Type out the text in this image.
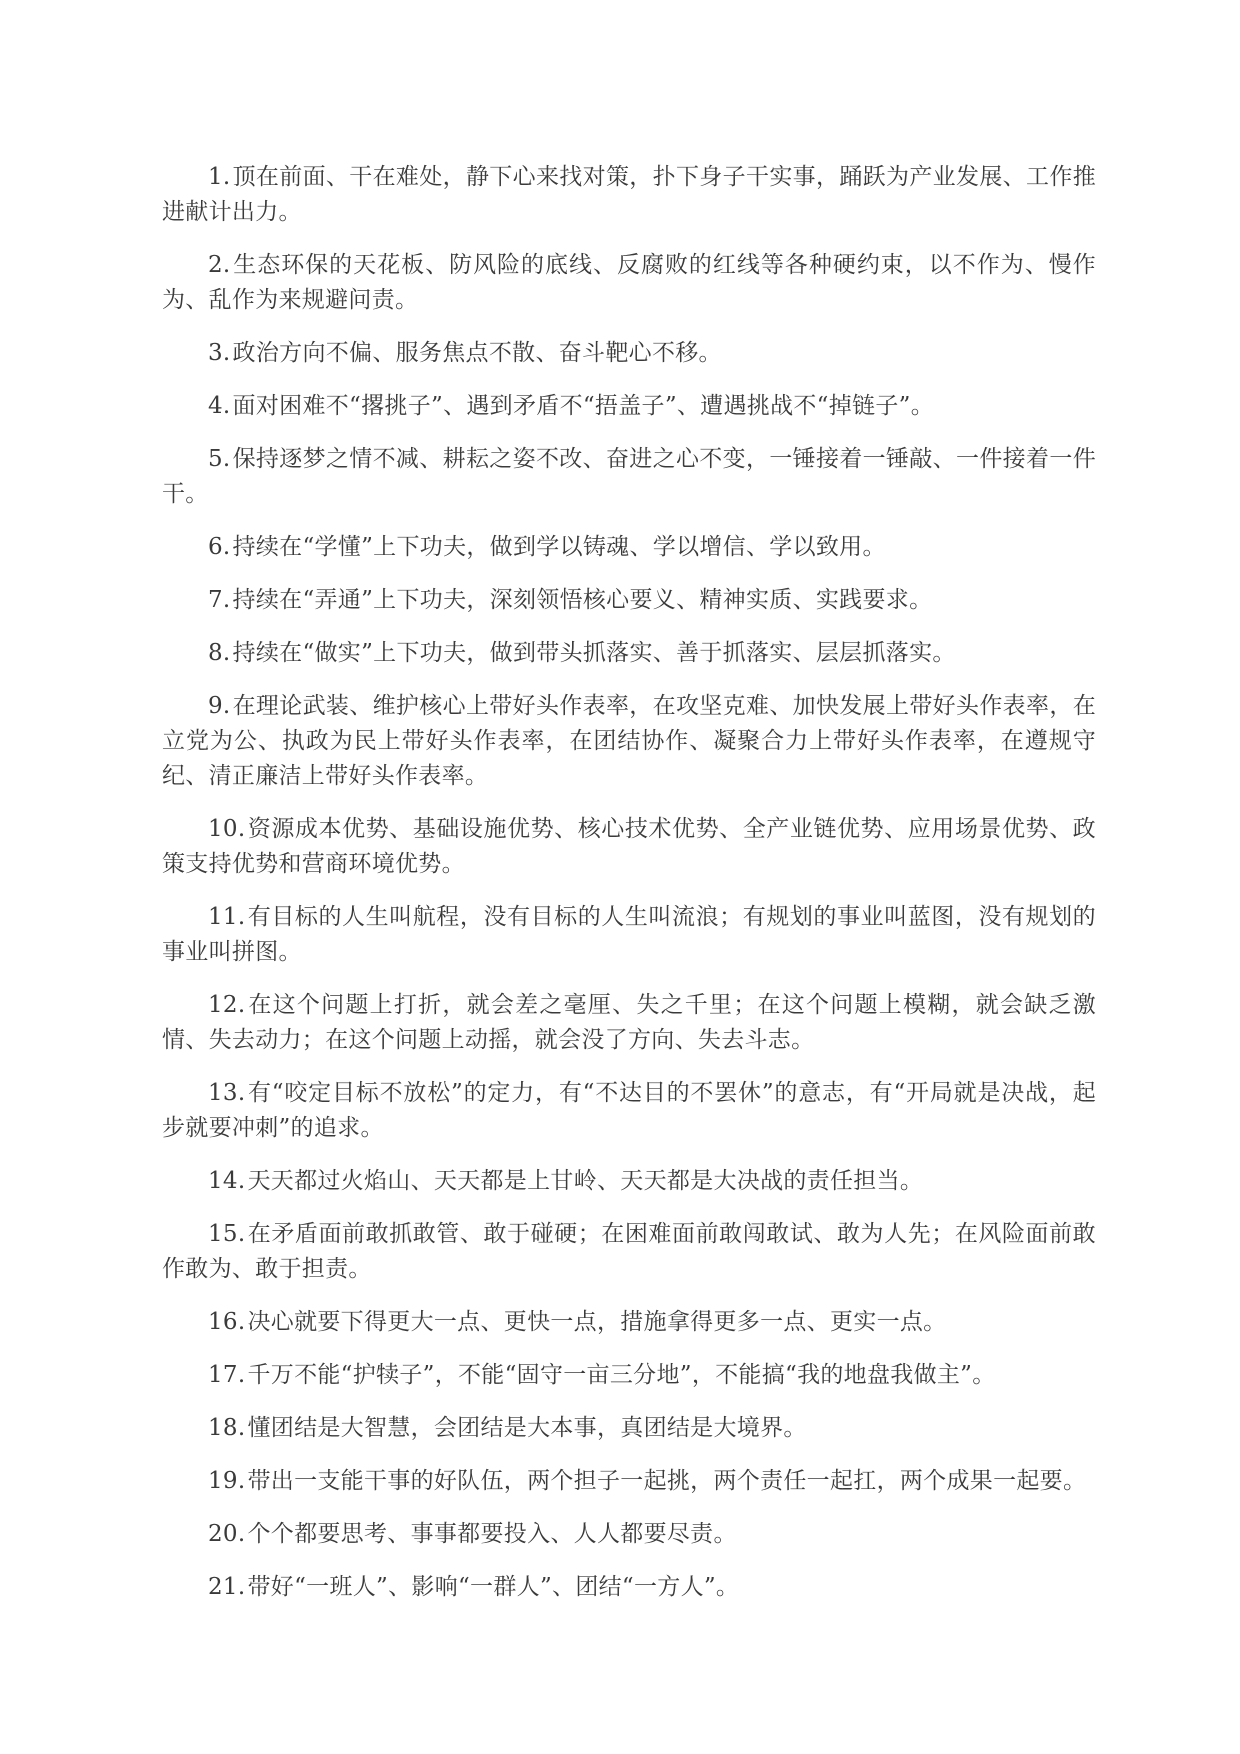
1.顶在前面、干在难处，静下心来找对策，扑下身子干实事，踊跃为产业发展、工作推进献计出力。

2.生态环保的天花板、防风险的底线、反腐败的红线等各种硬约束，以不作为、慢作为、乱作为来规避问责。

3.政治方向不偏、服务焦点不散、奋斗靶心不移。

4.面对困难不“撂挑子”、遇到矛盾不“捂盖子”、遭遇挑战不“掉链子”。

5.保持逐梦之情不减、耕耘之姿不改、奋进之心不变，一锤接着一锤敲、一件接着一件干。

6.持续在“学懂”上下功夫，做到学以铸魂、学以增信、学以致用。

7.持续在“弄通”上下功夫，深刻领悟核心要义、精神实质、实践要求。

8.持续在“做实”上下功夫，做到带头抓落实、善于抓落实、层层抓落实。

9.在理论武装、维护核心上带好头作表率，在攻坚克难、加快发展上带好头作表率，在立党为公、执政为民上带好头作表率，在团结协作、凝聚合力上带好头作表率，在遵规守纪、清正廉洁上带好头作表率。

10.资源成本优势、基础设施优势、核心技术优势、全产业链优势、应用场景优势、政策支持优势和营商环境优势。

11.有目标的人生叫航程，没有目标的人生叫流浪；有规划的事业叫蓝图，没有规划的事业叫拼图。

12.在这个问题上打折，就会差之毫厘、失之千里；在这个问题上模糊，就会缺乏激情、失去动力；在这个问题上动摇，就会没了方向、失去斗志。

13.有“咬定目标不放松”的定力，有“不达目的不罢休”的意志，有“开局就是决战，起步就要冲刺”的追求。

14.天天都过火焰山、天天都是上甘岭、天天都是大决战的责任担当。

15.在矛盾面前敢抓敢管、敢于碰硬；在困难面前敢闯敢试、敢为人先；在风险面前敢作敢为、敢于担责。

16.决心就要下得更大一点、更快一点，措施拿得更多一点、更实一点。

17.千万不能“护犊子”，不能“固守一亩三分地”，不能搞“我的地盘我做主”。

18.懂团结是大智慧，会团结是大本事，真团结是大境界。

19.带出一支能干事的好队伍，两个担子一起挑，两个责任一起扛，两个成果一起要。

20.个个都要思考、事事都要投入、人人都要尽责。

21.带好“一班人”、影响“一群人”、团结“一方人”。
